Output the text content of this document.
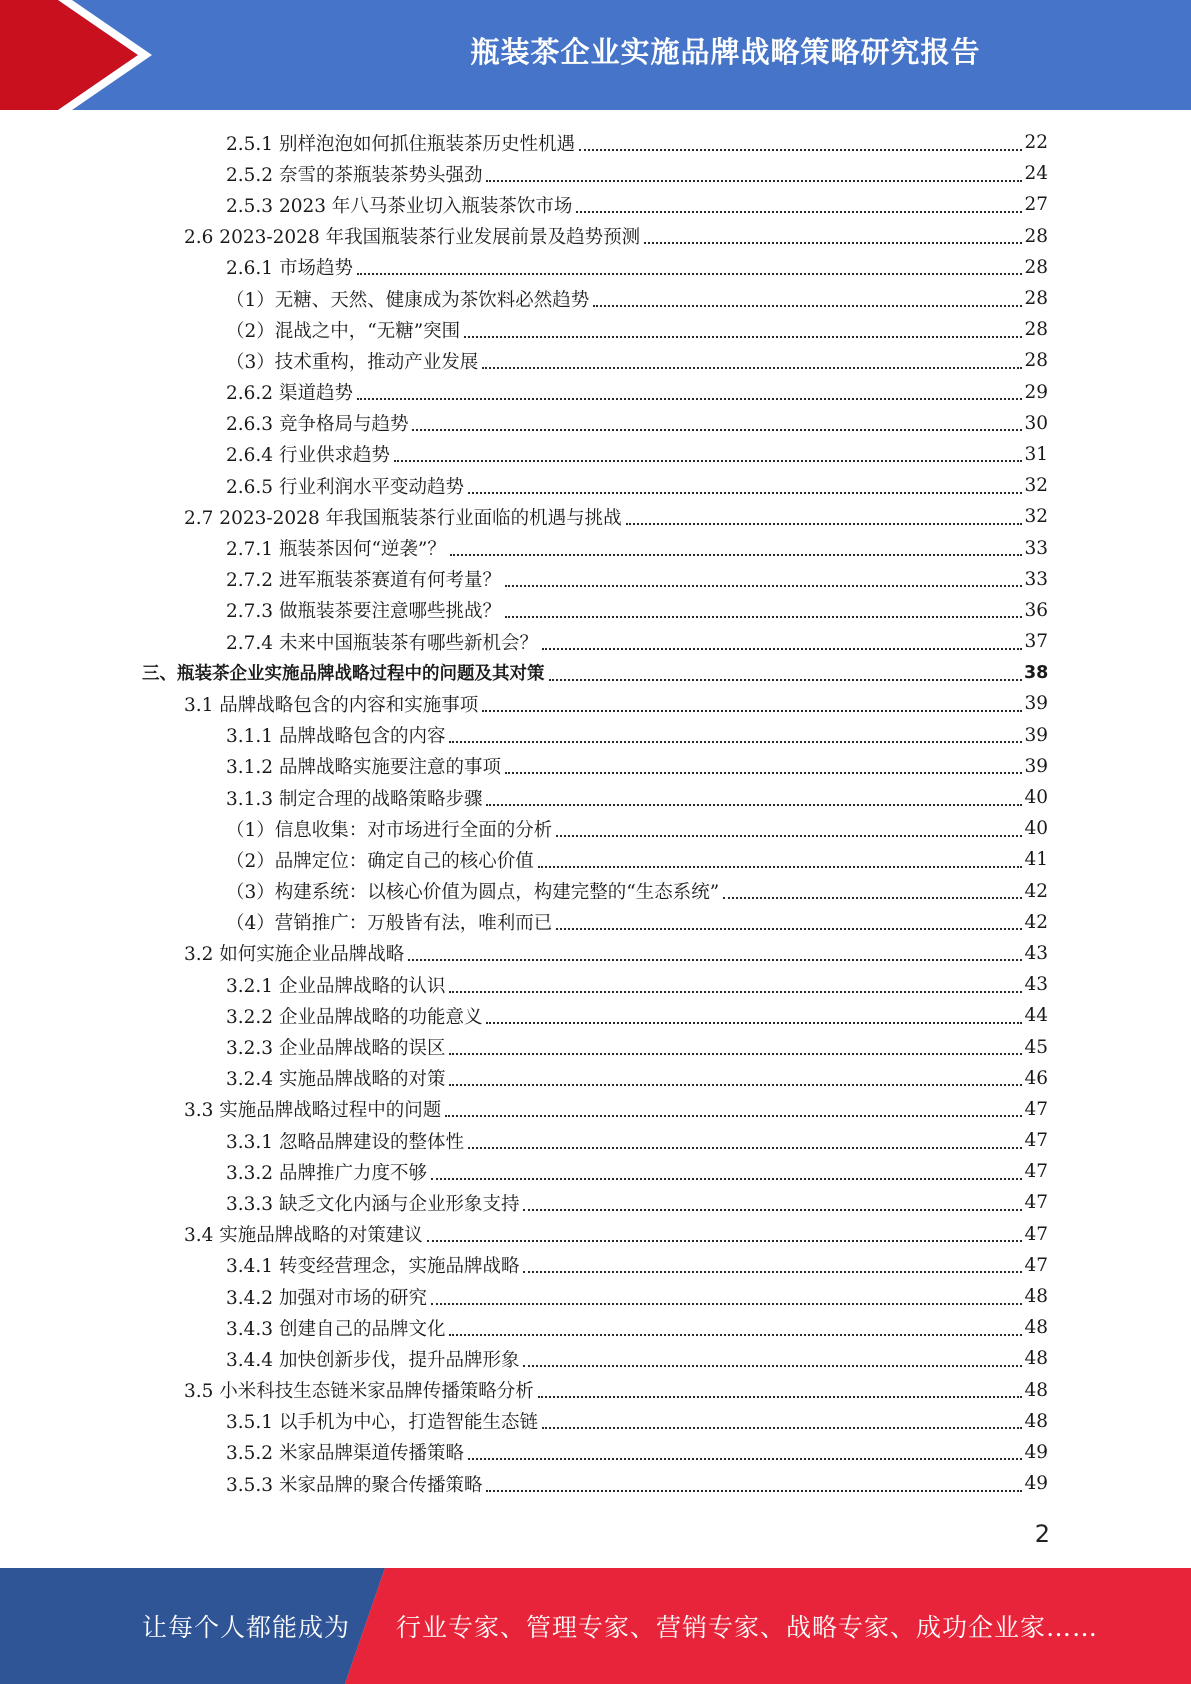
瓶装茶企业实施品牌战略策略研究报告
2.5.1 别样泡泡如何抓住瓶装茶历史性机遇	22
2.5.2 奈雪的茶瓶装茶势头强劲	24
2.5.3 2023 年八马茶业切入瓶装茶饮市场	27
2.6 2023-2028 年我国瓶装茶行业发展前景及趋势预测	28
2.6.1 市场趋势	28
（1）无糖、天然、健康成为茶饮料必然趋势	28
（2）混战之中，“无糖”突围	28
（3）技术重构，推动产业发展	28
2.6.2 渠道趋势	29
2.6.3 竞争格局与趋势	30
2.6.4 行业供求趋势	31
2.6.5 行业利润水平变动趋势	32
2.7 2023-2028 年我国瓶装茶行业面临的机遇与挑战	32
2.7.1 瓶装茶因何“逆袭”？	33
2.7.2 进军瓶装茶赛道有何考量？	33
2.7.3 做瓶装茶要注意哪些挑战？	36
2.7.4 未来中国瓶装茶有哪些新机会？	37
三、瓶装茶企业实施品牌战略过程中的问题及其对策	38
3.1 品牌战略包含的内容和实施事项	39
3.1.1 品牌战略包含的内容	39
3.1.2 品牌战略实施要注意的事项	39
3.1.3 制定合理的战略策略步骤	40
（1）信息收集：对市场进行全面的分析	40
（2）品牌定位：确定自己的核心价值	41
（3）构建系统：以核心价值为圆点，构建完整的“生态系统”	42
（4）营销推广：万般皆有法，唯利而已	42
3.2 如何实施企业品牌战略	43
3.2.1 企业品牌战略的认识	43
3.2.2 企业品牌战略的功能意义	44
3.2.3 企业品牌战略的误区	45
3.2.4 实施品牌战略的对策	46
3.3 实施品牌战略过程中的问题	47
3.3.1 忽略品牌建设的整体性	47
3.3.2 品牌推广力度不够	47
3.3.3 缺乏文化内涵与企业形象支持	47
3.4 实施品牌战略的对策建议	47
3.4.1 转变经营理念，实施品牌战略	47
3.4.2 加强对市场的研究	48
3.4.3 创建自己的品牌文化	48
3.4.4 加快创新步伐，提升品牌形象	48
3.5 小米科技生态链米家品牌传播策略分析	48
3.5.1 以手机为中心，打造智能生态链	48
3.5.2 米家品牌渠道传播策略	49
3.5.3 米家品牌的聚合传播策略	49
2
让每个人都能成为 行业专家、管理专家、营销专家、战略专家、成功企业家……
